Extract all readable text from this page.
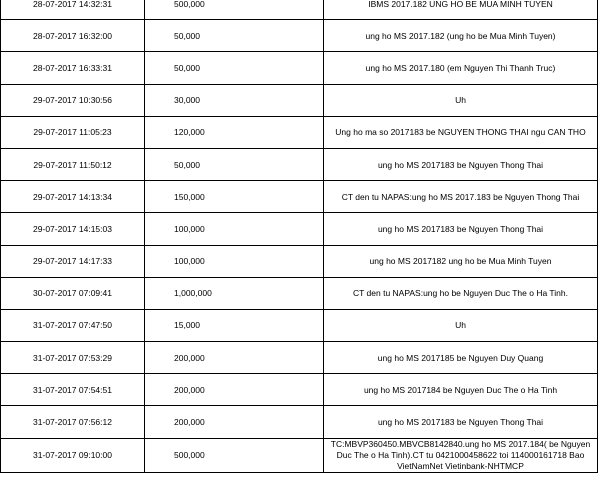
28-07-2017 14:32:31	500,000	IBMS 2017.182 UNG HO BE MUA MINH TUYEN
28-07-2017 16:32:00	50,000	ung ho MS 2017.182 (ung ho be Mua Minh Tuyen)
28-07-2017 16:33:31	50,000	ung ho MS 2017.180 (em Nguyen Thi Thanh Truc)
29-07-2017 10:30:56	30,000	Uh
29-07-2017 11:05:23	120,000	Ung ho ma so 2017183 be NGUYEN THONG THAI ngu CAN THO
29-07-2017 11:50:12	50,000	ung ho MS 2017183 be Nguyen Thong Thai
29-07-2017 14:13:34	150,000	CT den tu NAPAS:ung ho MS 2017.183 be Nguyen Thong Thai
29-07-2017 14:15:03	100,000	ung ho MS 2017183 be Nguyen Thong Thai
29-07-2017 14:17:33	100,000	ung ho MS 2017182 ung ho be Mua Minh Tuyen
30-07-2017 07:09:41	1,000,000	CT den tu NAPAS:ung ho be Nguyen Duc The o Ha Tinh.
31-07-2017 07:47:50	15,000	Uh
31-07-2017 07:53:29	200,000	ung ho MS 2017185 be Nguyen Duy Quang
31-07-2017 07:54:51	200,000	ung ho MS 2017184 be Nguyen Duc The o Ha Tinh
31-07-2017 07:56:12	200,000	ung ho MS 2017183 be Nguyen Thong Thai
31-07-2017 09:10:00	500,000	TC:MBVP360450.MBVCB8142840.ung ho MS 2017.184( be Nguyen Duc The o Ha Tinh).CT tu 0421000458622 toi 114000161718 Bao VietNamNet Vietinbank-NHTMCP
